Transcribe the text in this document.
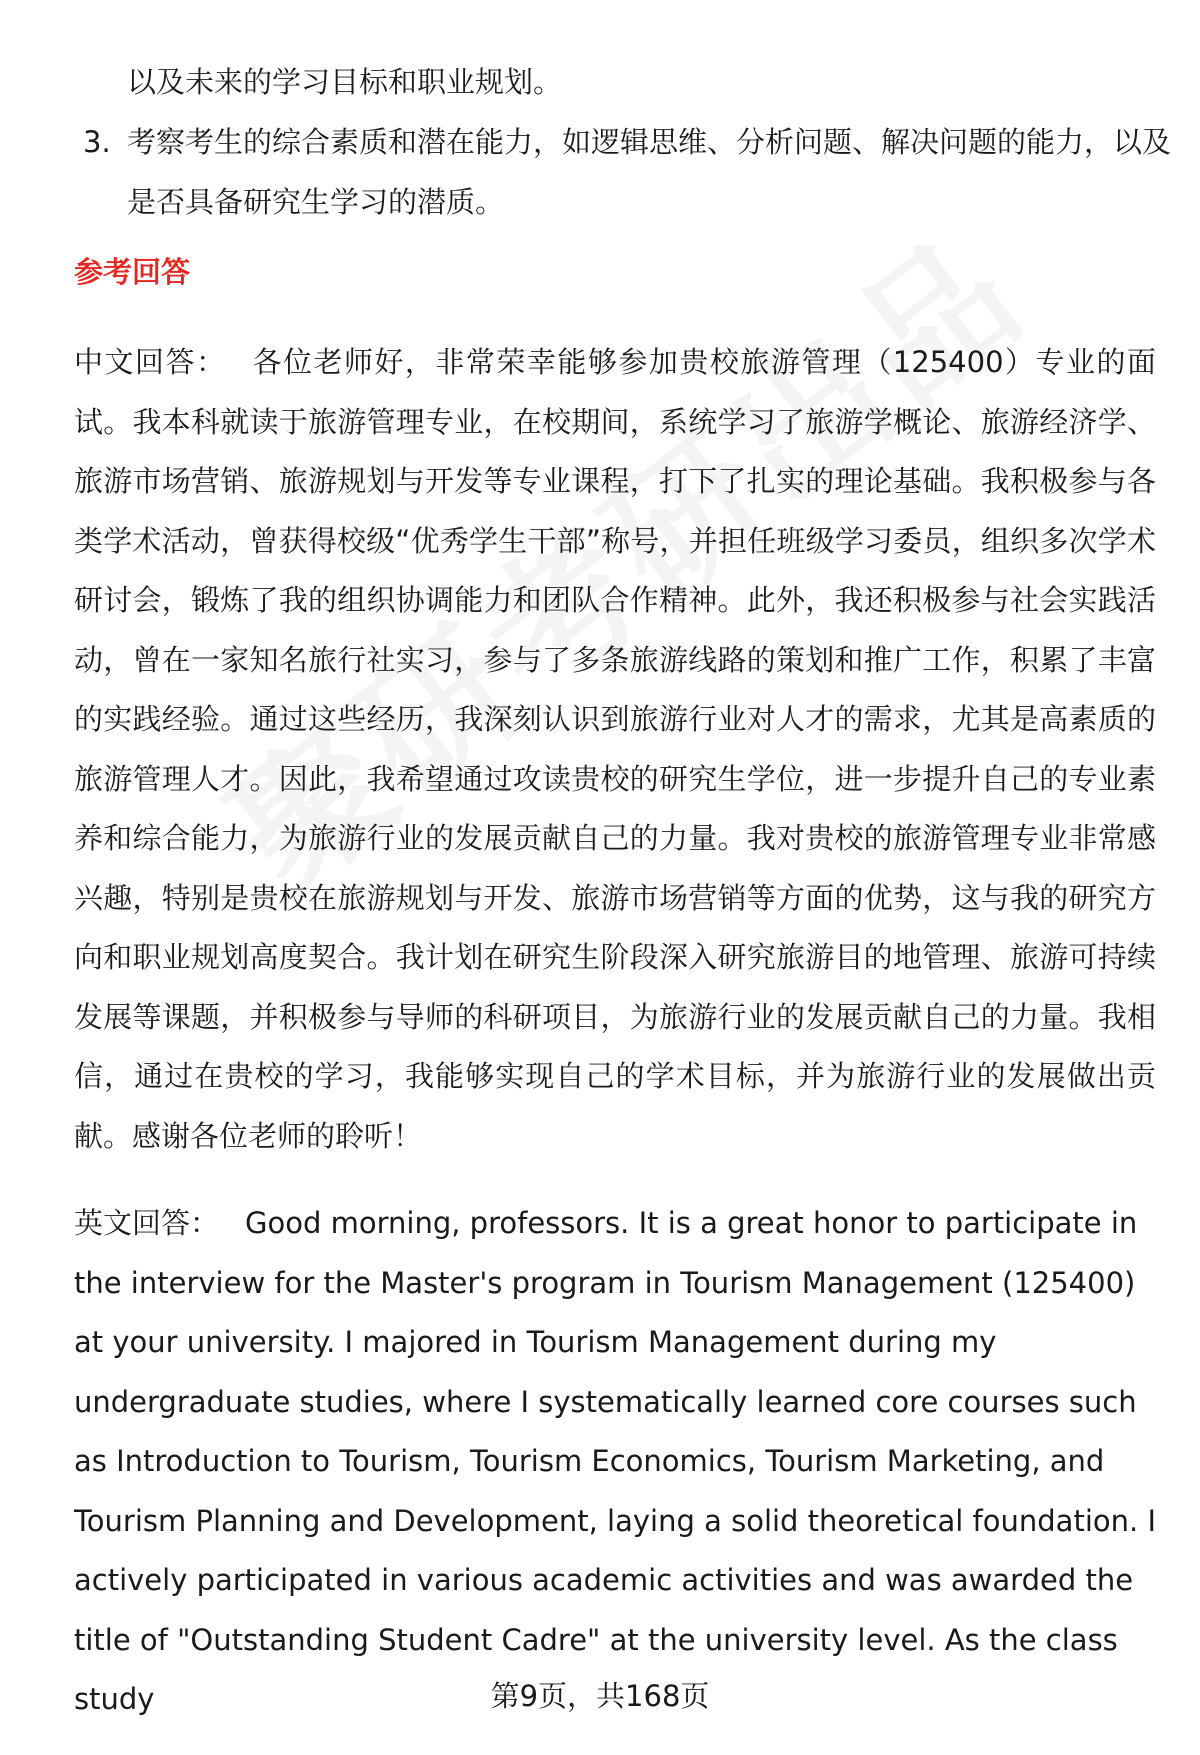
以及未来的学习目标和职业规划。
3. 考察考生的综合素质和潜在能力，如逻辑思维、分析问题、解决问题的能力，以及是否具备研究生学习的潜质。
参考回答
中文回答： 各位老师好，非常荣幸能够参加贵校旅游管理（125400）专业的面试。我本科就读于旅游管理专业，在校期间，系统学习了旅游学概论、旅游经济学、旅游市场营销、旅游规划与开发等专业课程，打下了扎实的理论基础。我积极参与各类学术活动，曾获得校级“优秀学生干部”称号，并担任班级学习委员，组织多次学术研讨会，锻炼了我的组织协调能力和团队合作精神。此外，我还积极参与社会实践活动，曾在一家知名旅行社实习，参与了多条旅游线路的策划和推广工作，积累了丰富的实践经验。通过这些经历，我深刻认识到旅游行业对人才的需求，尤其是高素质的旅游管理人才。因此，我希望通过攻读贵校的研究生学位，进一步提升自己的专业素养和综合能力，为旅游行业的发展贡献自己的力量。我对贵校的旅游管理专业非常感兴趣，特别是贵校在旅游规划与开发、旅游市场营销等方面的优势，这与我的研究方向和职业规划高度契合。我计划在研究生阶段深入研究旅游目的地管理、旅游可持续发展等课题，并积极参与导师的科研项目，为旅游行业的发展贡献自己的力量。我相信，通过在贵校的学习，我能够实现自己的学术目标，并为旅游行业的发展做出贡献。感谢各位老师的聆听！
英文回答： Good morning, professors. It is a great honor to participate in the interview for the Master's program in Tourism Management (125400) at your university. I majored in Tourism Management during my undergraduate studies, where I systematically learned core courses such as Introduction to Tourism, Tourism Economics, Tourism Marketing, and Tourism Planning and Development, laying a solid theoretical foundation. I actively participated in various academic activities and was awarded the title of "Outstanding Student Cadre" at the university level. As the class study	第9页，共168页
